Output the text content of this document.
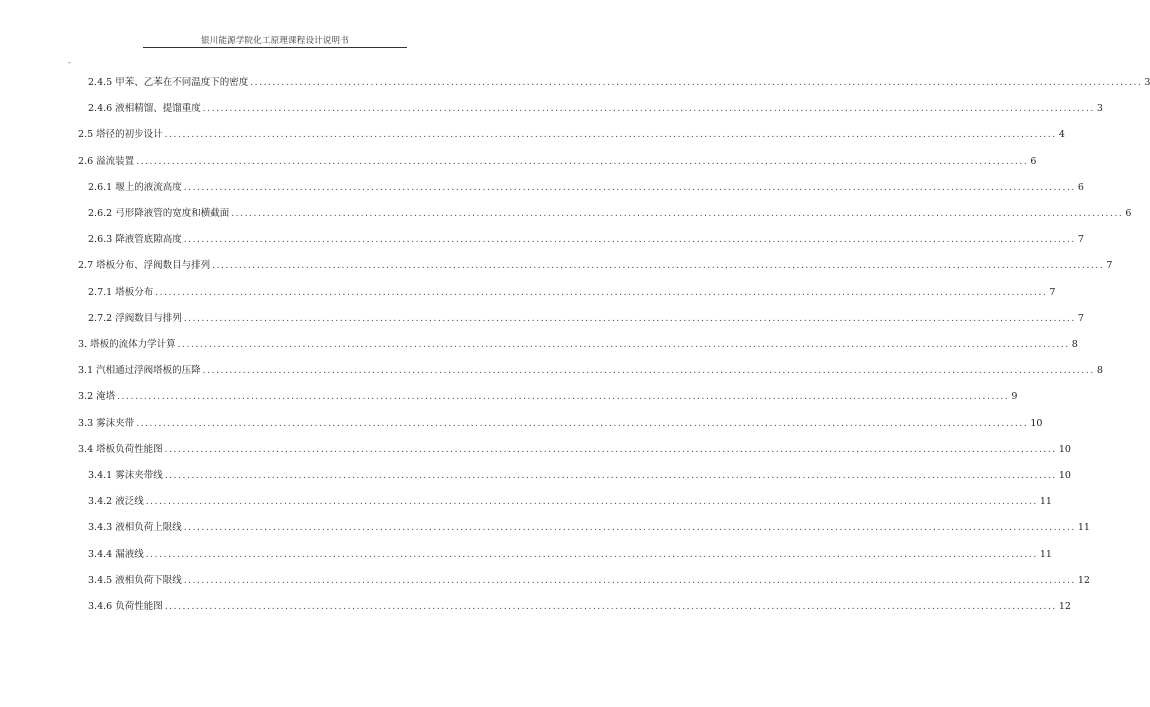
银川能源学院化工原理课程设计说明书
-
2.4.5 甲苯、乙苯在不同温度下的密度 ........................................................................................................................................................................................................ 3
2.4.6 液相精馏、提馏重度 ........................................................................................................................................................................................................ 3
2.5 塔径的初步设计 ........................................................................................................................................................................................................ 4
2.6 溢流装置 ........................................................................................................................................................................................................ 6
2.6.1 堰上的液流高度 ........................................................................................................................................................................................................ 6
2.6.2 弓形降液管的宽度和横截面 ........................................................................................................................................................................................................ 6
2.6.3 降液管底隙高度 ........................................................................................................................................................................................................ 7
2.7 塔板分布、浮阀数目与排列 ........................................................................................................................................................................................................ 7
2.7.1 塔板分布 ........................................................................................................................................................................................................ 7
2.7.2 浮阀数目与排列 ........................................................................................................................................................................................................ 7
3. 塔板的流体力学计算 ........................................................................................................................................................................................................ 8
3.1 汽相通过浮阀塔板的压降 ........................................................................................................................................................................................................ 8
3.2 淹塔 ........................................................................................................................................................................................................ 9
3.3 雾沫夹带 ........................................................................................................................................................................................................ 10
3.4 塔板负荷性能图 ........................................................................................................................................................................................................ 10
3.4.1 雾沫夹带线 ........................................................................................................................................................................................................ 10
3.4.2 液泛线 ........................................................................................................................................................................................................ 11
3.4.3 液相负荷上限线 ........................................................................................................................................................................................................ 11
3.4.4 漏液线 ........................................................................................................................................................................................................ 11
3.4.5 液相负荷下限线 ........................................................................................................................................................................................................ 12
3.4.6 负荷性能图 ........................................................................................................................................................................................................ 12
